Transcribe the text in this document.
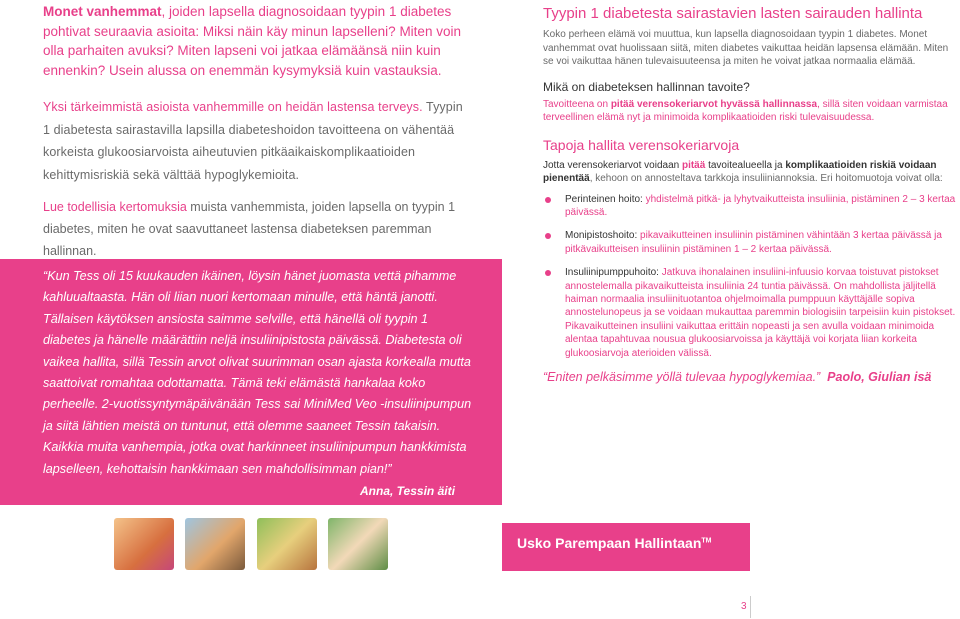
Monet vanhemmat, joiden lapsella diagnosoidaan tyypin 1 diabetes pohtivat seuraavia asioita: Miksi näin käy minun lapselleni? Miten voin olla parhaiten avuksi? Miten lapseni voi jatkaa elämäänsä niin kuin ennenkin? Usein alussa on enemmän kysymyksiä kuin vastauksia.

Yksi tärkeimmistä asioista vanhemmille on heidän lastensa terveys. Tyypin 1 diabetesta sairastavilla lapsilla diabeteshoidon tavoitteena on vähentää korkeista glukoosiarvoista aiheutuvien pitkäaikaiskomplikaatioiden kehittymisriskiä sekä välttää hypoglykemioita.

Lue todellisia kertomuksia muista vanhemmista, joiden lapsella on tyypin 1 diabetes, miten he ovat saavuttaneet lastensa diabeteksen paremman hallinnan.

“Kun Tess oli 15 kuukauden ikäinen, löysin hänet juomasta vettä pihamme kahluualtaasta. Hän oli liian nuori kertomaan minulle, että häntä janotti. Tällaisen käytöksen ansiosta saimme selville, että hänellä oli tyypin 1 diabetes ja hänelle määrättiin neljä insuliinipistosta päivässä. Diabetesta oli vaikea hallita, sillä Tessin arvot olivat suurimman osan ajasta korkealla mutta saattoivat romahtaa odottamatta. Tämä teki elämästä hankalaa koko perheelle. 2-vuotissyntymäpäivänään Tess sai MiniMed Veo -insuliinipumpun ja siitä lähtien meistä on tuntunut, että olemme saaneet Tessin takaisin. Kaikkia muita vanhempia, jotka ovat harkinneet insuliinipumpun hankkimista lapselleen, kehottaisin hankkimaan sen mahdollisimman pian!”

Anna, Tessin äiti
Usko Parempaan Hallintaan™
3
Tyypin 1 diabetesta sairastavien lasten sairauden hallinta

Koko perheen elämä voi muuttua, kun lapsella diagnosoidaan tyypin 1 diabetes. Monet vanhemmat ovat huolissaan siitä, miten diabetes vaikuttaa heidän lapsensa elämään. Miten se voi vaikuttaa hänen tulevaisuuteensa ja miten he voivat jatkaa normaalia elämää.

Mikä on diabeteksen hallinnan tavoite?

Tavoitteena on pitää verensokeriarvot hyvässä hallinnassa, sillä siten voidaan varmistaa terveellinen elämä nyt ja minimoida komplikaatioiden riski tulevaisuudessa.

Tapoja hallita verensokeriarvoja

Jotta verensokeriarvot voidaan pitää tavoitealueella ja komplikaatioiden riskiä voidaan pienentää, kehoon on annosteltava tarkkoja insuliiniannoksia. Eri hoitomuotoja voivat olla:

Perinteinen hoito: yhdistelmä pitkä- ja lyhytvaikutteista insuliinia, pistäminen 2 – 3 kertaa päivässä.
Monipistoshoito: pikavaikutteinen insuliinin pistäminen vähintään 3 kertaa päivässä ja pitkävaikutteisen insuliinin pistäminen 1 – 2 kertaa päivässä.
Insuliinipumppuhoito: Jatkuva ihonalainen insuliini-infuusio korvaa toistuvat pistokset annostelemalla pikavaikutteista insuliinia 24 tuntia päivässä. On mahdollista jäljitellä haiman normaalia insuliinituotantoa ohjelmoimalla pumppuun käyttäjälle sopiva annostelunopeus ja se voidaan mukauttaa paremmin biologisiin tarpeisiin kuin pistokset. Pikavaikutteinen insuliini vaikuttaa erittäin nopeasti ja sen avulla voidaan minimoida alentaa tapahtuvaa nousua glukoosiarvoissa ja käyttäjä voi korjata liian korkeita glukoosiarvoja aterioiden välissä.

“Eniten pelkäsimme yöllä tulevaa hypoglykemiaa.” Paolo, Giulian isä
